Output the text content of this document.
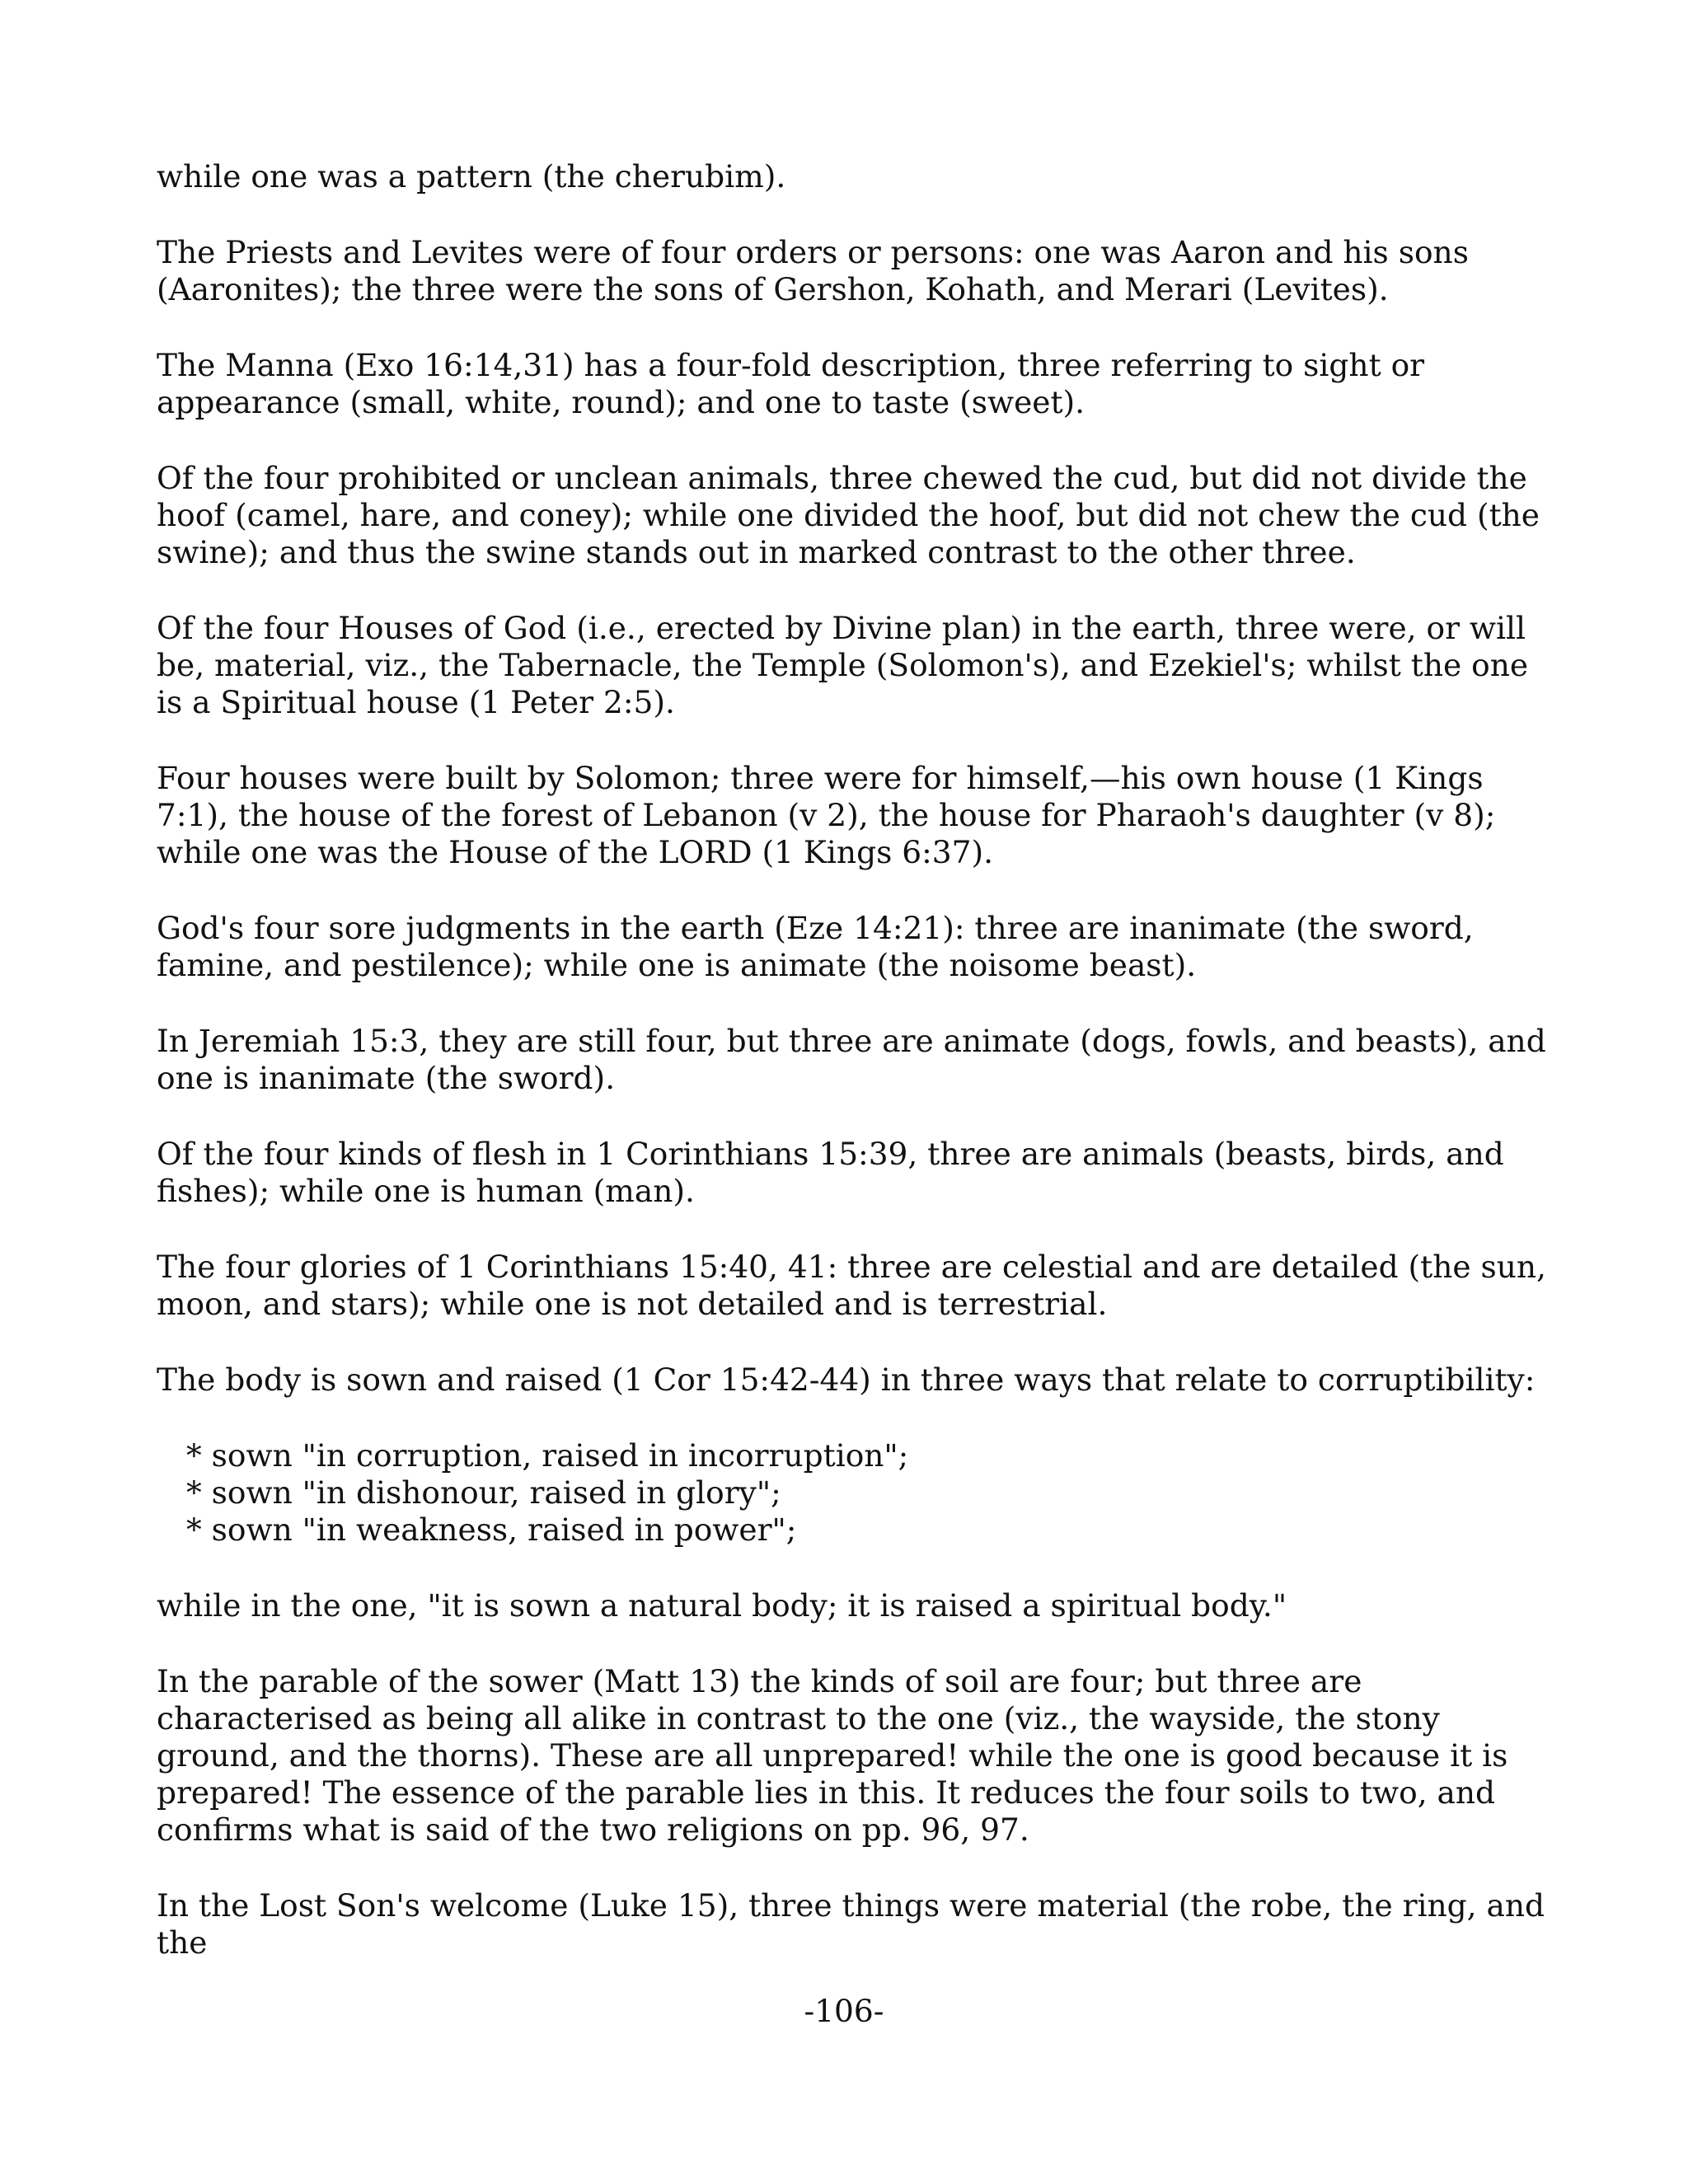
while one was a pattern (the cherubim).

The Priests and Levites were of four orders or persons: one was Aaron and his sons (Aaronites); the three were the sons of Gershon, Kohath, and Merari (Levites).

The Manna (Exo 16:14,31) has a four-fold description, three referring to sight or appearance (small, white, round); and one to taste (sweet).

Of the four prohibited or unclean animals, three chewed the cud, but did not divide the hoof (camel, hare, and coney); while one divided the hoof, but did not chew the cud (the swine); and thus the swine stands out in marked contrast to the other three.

Of the four Houses of God (i.e., erected by Divine plan) in the earth, three were, or will be, material, viz., the Tabernacle, the Temple (Solomon's), and Ezekiel's; whilst the one is a Spiritual house (1 Peter 2:5).

Four houses were built by Solomon; three were for himself,—his own house (1 Kings 7:1), the house of the forest of Lebanon (v 2), the house for Pharaoh's daughter (v 8); while one was the House of the LORD (1 Kings 6:37).

God's four sore judgments in the earth (Eze 14:21): three are inanimate (the sword, famine, and pestilence); while one is animate (the noisome beast).

In Jeremiah 15:3, they are still four, but three are animate (dogs, fowls, and beasts), and one is inanimate (the sword).

Of the four kinds of flesh in 1 Corinthians 15:39, three are animals (beasts, birds, and fishes); while one is human (man).

The four glories of 1 Corinthians 15:40, 41: three are celestial and are detailed (the sun, moon, and stars); while one is not detailed and is terrestrial.

The body is sown and raised (1 Cor 15:42-44) in three ways that relate to corruptibility:

* sown "in corruption, raised in incorruption";
* sown "in dishonour, raised in glory";
* sown "in weakness, raised in power";

while in the one, "it is sown a natural body; it is raised a spiritual body."

In the parable of the sower (Matt 13) the kinds of soil are four; but three are characterised as being all alike in contrast to the one (viz., the wayside, the stony ground, and the thorns). These are all unprepared! while the one is good because it is prepared! The essence of the parable lies in this. It reduces the four soils to two, and confirms what is said of the two religions on pp. 96, 97.

In the Lost Son's welcome (Luke 15), three things were material (the robe, the ring, and the

-106-
